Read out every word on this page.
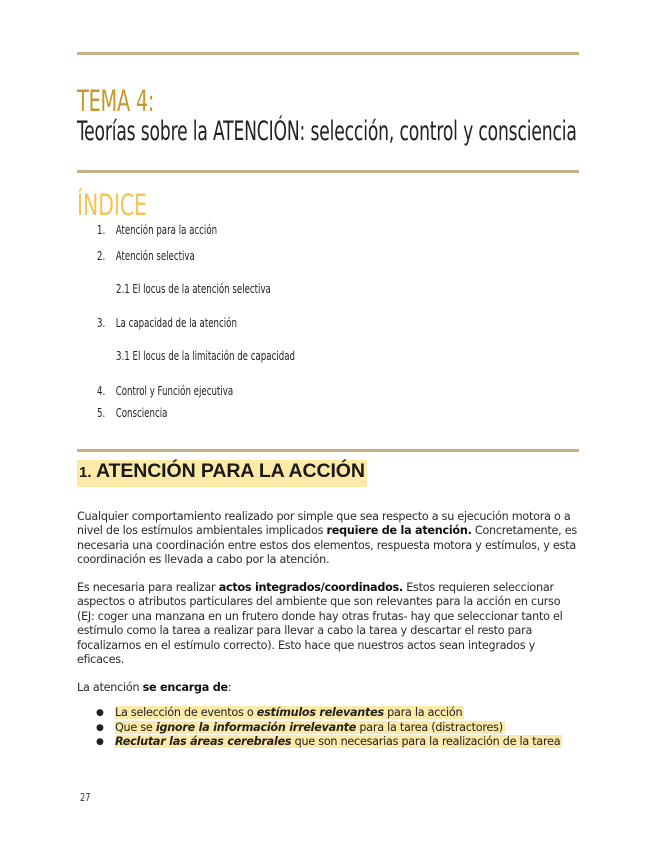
TEMA 4:
Teorías sobre la ATENCIÓN: selección, control y consciencia
ÍNDICE
1. Atención para la acción
2. Atención selectiva
2.1 El locus de la atención selectiva
3. La capacidad de la atención
3.1 El locus de la limitación de capacidad
4. Control y Función ejecutiva
5. Consciencia
1. ATENCIÓN PARA LA ACCIÓN

Cualquier comportamiento realizado por simple que sea respecto a su ejecución motora o a nivel de los estímulos ambientales implicados requiere de la atención. Concretamente, es necesaria una coordinación entre estos dos elementos, respuesta motora y estímulos, y esta coordinación es llevada a cabo por la atención.

Es necesaria para realizar actos integrados/coordinados. Estos requieren seleccionar aspectos o atributos particulares del ambiente que son relevantes para la acción en curso (EJ: coger una manzana en un frutero donde hay otras frutas- hay que seleccionar tanto el estímulo como la tarea a realizar para llevar a cabo la tarea y descartar el resto para focalizarnos en el estímulo correcto). Esto hace que nuestros actos sean integrados y eficaces.

La atención se encarga de:

● La selección de eventos o estímulos relevantes para la acción
● Que se ignore la información irrelevante para la tarea (distractores)
● Reclutar las áreas cerebrales que son necesarias para la realización de la tarea
27
